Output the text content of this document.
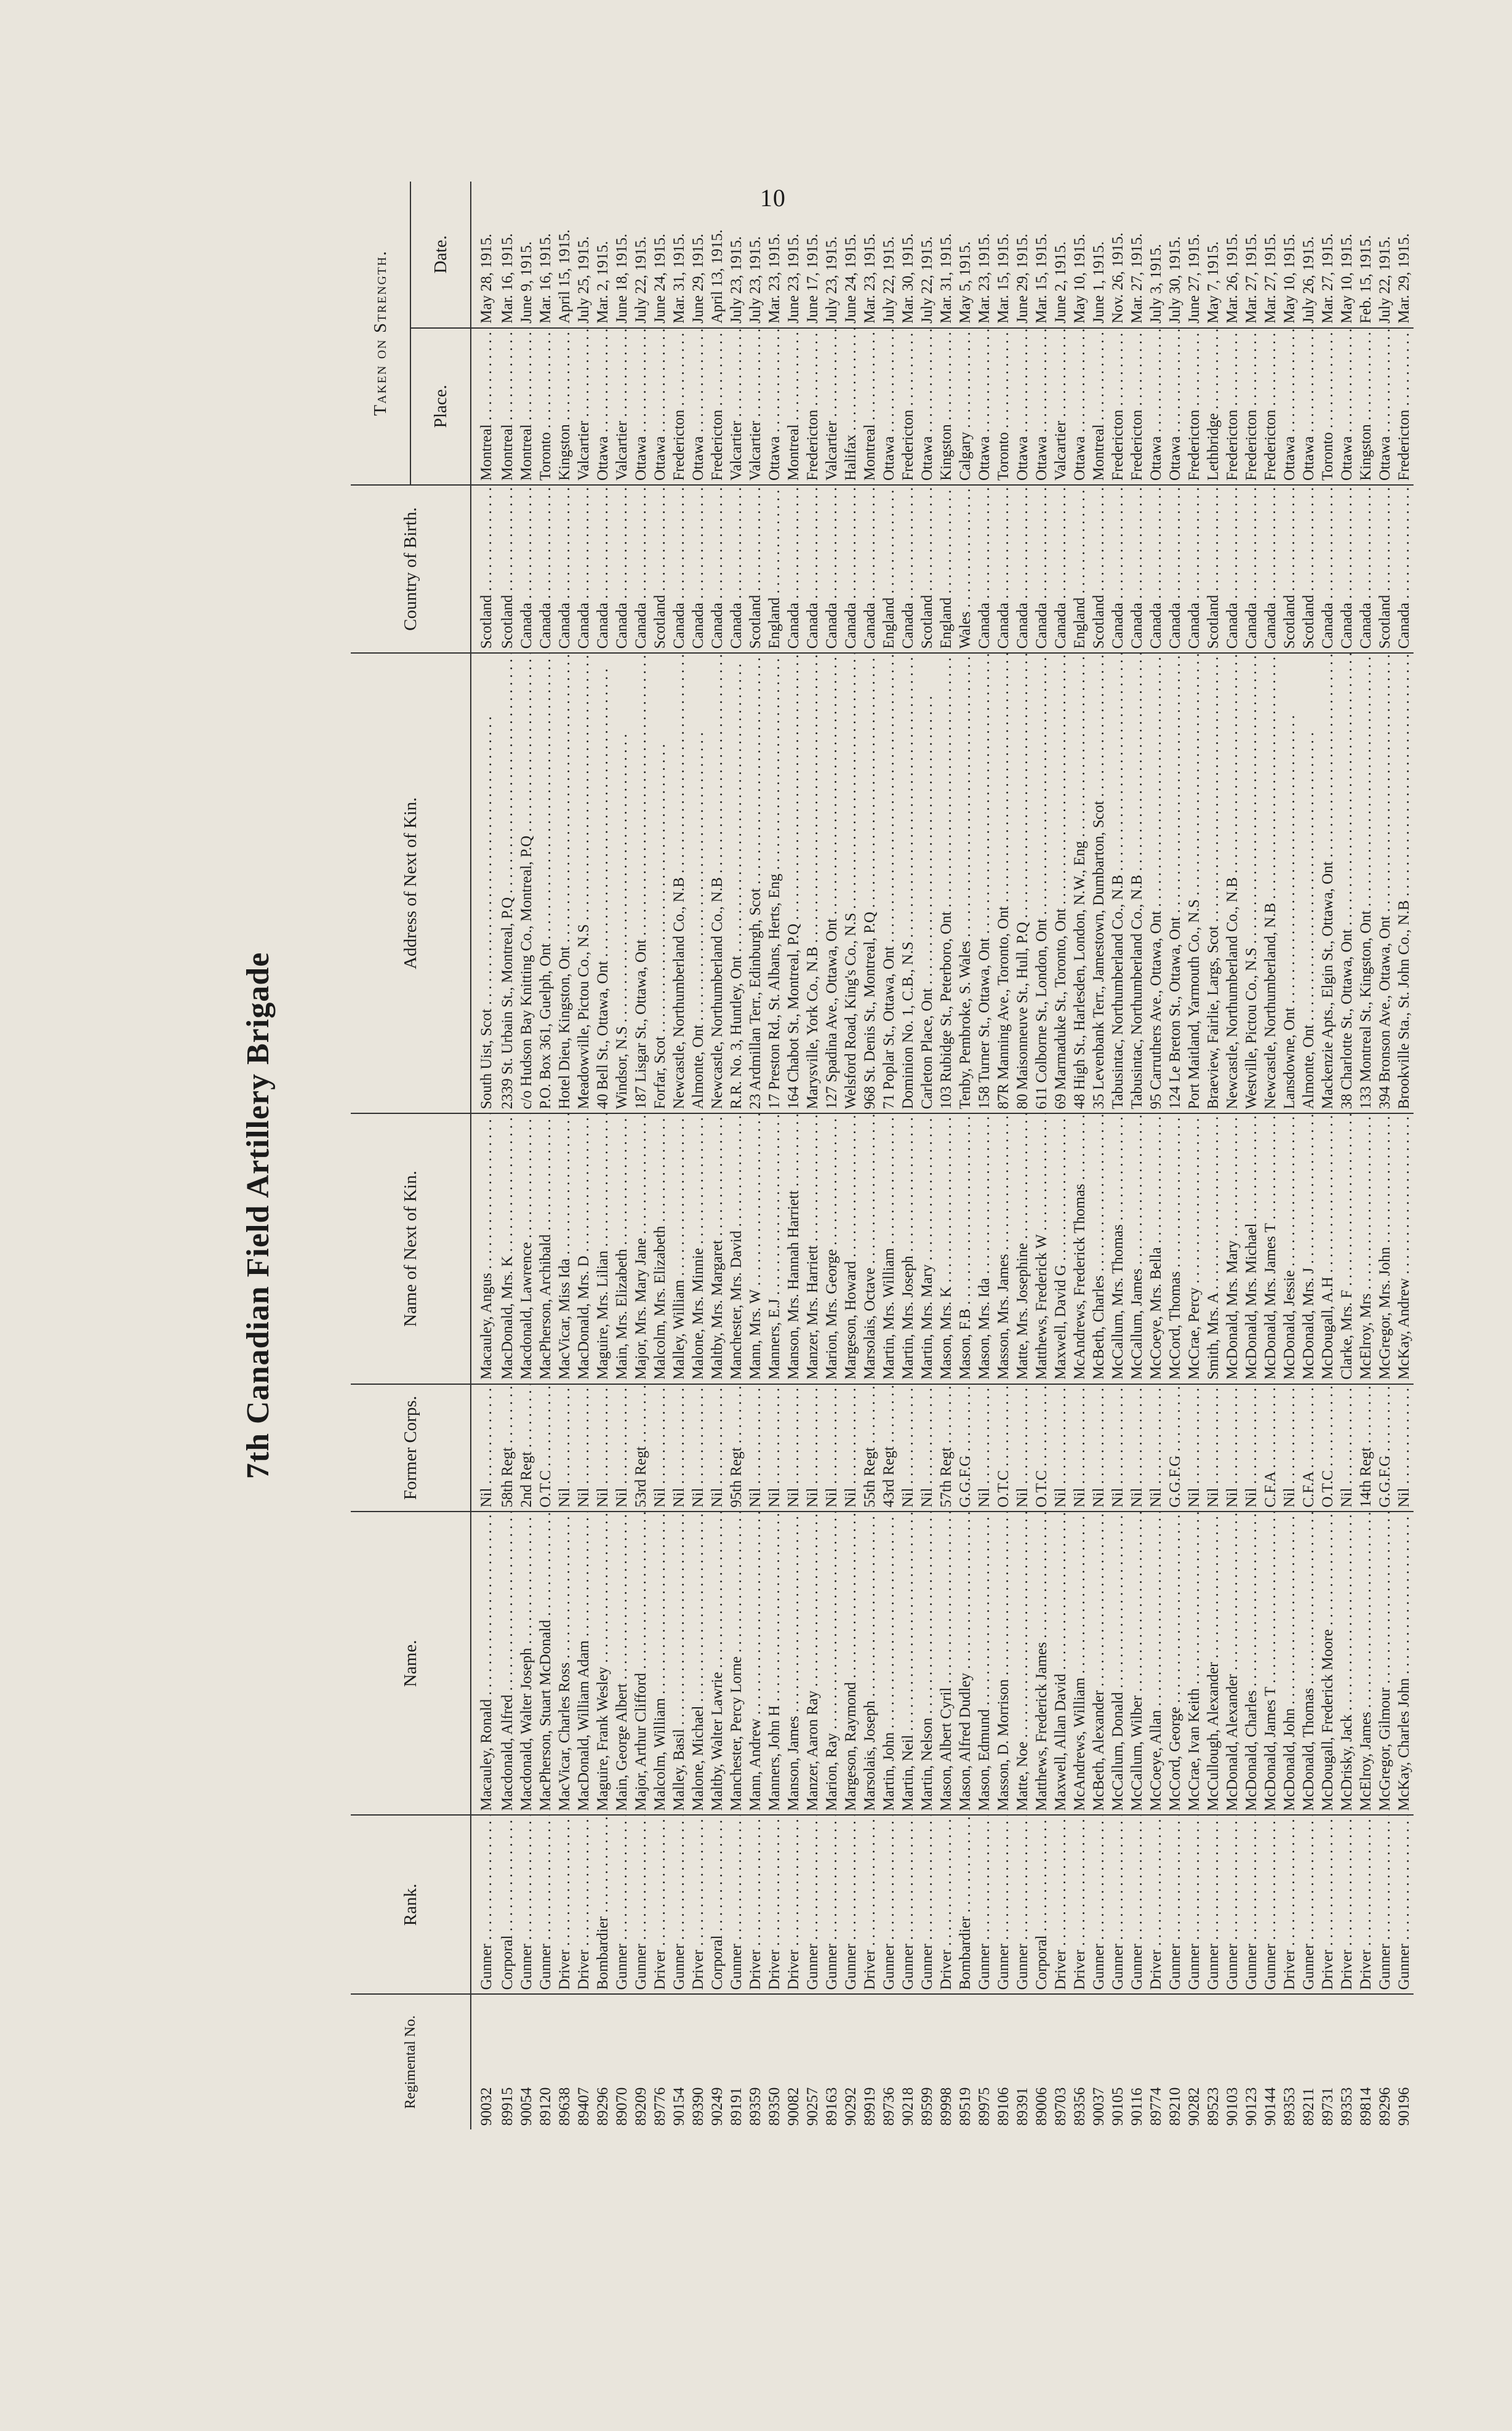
10
7th Canadian Field Artillery Brigade
Regimental No.	Rank.	Name.	Former Corps.	Name of Next of Kin.	Address of Next of Kin.	Country of Birth.	Taken on Strength.	
							Place.	Date.
90032	Gunner . . .	Macauley, Ronald . . .	Nil . . .	Macauley, Angus . . .	South Uist, Scot . . .	Scotland . . .	Montreal . . .	May 28, 1915.
89915	Corporal . . .	Macdonald, Alfred . . .	58th Regt . . .	MacDonald, Mrs. K . . .	2339 St. Urbain St., Montreal, P.Q . . .	Scotland . . .	Montreal . . .	Mar. 16, 1915.
90054	Gunner . . .	Macdonald, Walter Joseph . . .	2nd Regt . . .	Macdonald, Lawrence . . .	c/o Hudson Bay Knitting Co., Montreal, P.Q . . .	Canada . . .	Montreal . . .	June 9, 1915.
89120	Gunner . . .	MacPherson, Stuart McDonald . . .	O.T.C . . .	MacPherson, Archibald . . .	P.O. Box 361, Guelph, Ont . . .	Canada . . .	Toronto . . .	Mar. 16, 1915.
89638	Driver . . .	MacVicar, Charles Ross . . .	Nil . . .	MacVicar, Miss Ida . . .	Hotel Dieu, Kingston, Ont . . .	Canada . . .	Kingston . . .	April 15, 1915.
89407	Driver . . .	MacDonald, William Adam . . .	Nil . . .	MacDonald, Mrs. D . . .	Meadowville, Pictou Co., N.S . . .	Canada . . .	Valcartier . . .	July 25, 1915.
89296	Bombardier . . .	Maguire, Frank Wesley . . .	Nil . . .	Maguire, Mrs. Lilian . . .	40 Bell St., Ottawa, Ont . . .	Canada . . .	Ottawa . . .	Mar. 2, 1915.
89070	Gunner . . .	Main, George Albert . . .	Nil . . .	Main, Mrs. Elizabeth . . .	Windsor, N.S . . .	Canada . . .	Valcartier . . .	June 18, 1915.
89209	Gunner . . .	Major, Arthur Clifford . . .	53rd Regt . . .	Major, Mrs. Mary Jane . . .	187 Lisgar St., Ottawa, Ont . . .	Canada . . .	Ottawa . . .	July 22, 1915.
89776	Driver . . .	Malcolm, William . . .	Nil . . .	Malcolm, Mrs. Elizabeth . . .	Forfar, Scot . . .	Scotland . . .	Ottawa . . .	June 24, 1915.
90154	Gunner . . .	Malley, Basil . . .	Nil . . .	Malley, William . . .	Newcastle, Northumberland Co., N.B . . .	Canada . . .	Fredericton . . .	Mar. 31, 1915.
89390	Driver . . .	Malone, Michael . . .	Nil . . .	Malone, Mrs. Minnie . . .	Almonte, Ont . . .	Canada . . .	Ottawa . . .	June 29, 1915.
90249	Corporal . . .	Maltby, Walter Lawrie . . .	Nil . . .	Maltby, Mrs. Margaret . . .	Newcastle, Northumberland Co., N.B . . .	Canada . . .	Fredericton . . .	April 13, 1915.
89191	Gunner . . .	Manchester, Percy Lorne . . .	95th Regt . . .	Manchester, Mrs. David . . .	R.R. No. 3, Huntley, Ont . . .	Canada . . .	Valcartier . . .	July 23, 1915.
89359	Driver . . .	Mann, Andrew . . .	Nil . . .	Mann, Mrs. W . . .	23 Ardmillan Terr., Edinburgh, Scot . . .	Scotland . . .	Valcartier . . .	July 23, 1915.
89350	Driver . . .	Manners, John H . . .	Nil . . .	Manners, E.J . . .	17 Preston Rd., St. Albans, Herts, Eng . . .	England . . .	Ottawa . . .	Mar. 23, 1915.
90082	Driver . . .	Manson, James . . .	Nil . . .	Manson, Mrs. Hannah Harriett . . .	164 Chabot St., Montreal, P.Q . . .	Canada . . .	Montreal . . .	June 23, 1915.
90257	Gunner . . .	Manzer, Aaron Ray . . .	Nil . . .	Manzer, Mrs. Harriett . . .	Marysville, York Co., N.B . . .	Canada . . .	Fredericton . . .	June 17, 1915.
89163	Gunner . . .	Marion, Ray . . .	Nil . . .	Marion, Mrs. George . . .	127 Spadina Ave., Ottawa, Ont . . .	Canada . . .	Valcartier . . .	July 23, 1915.
90292	Gunner . . .	Margeson, Raymond . . .	Nil . . .	Margeson, Howard . . .	Welsford Road, King's Co., N.S . . .	Canada . . .	Halifax . . .	June 24, 1915.
89919	Driver . . .	Marsolais, Joseph . . .	55th Regt . . .	Marsolais, Octave . . .	968 St. Denis St., Montreal, P.Q . . .	Canada . . .	Montreal . . .	Mar. 23, 1915.
89736	Gunner . . .	Martin, John . . .	43rd Regt . . .	Martin, Mrs. William . . .	71 Poplar St., Ottawa, Ont . . .	England . . .	Ottawa . . .	July 22, 1915.
90218	Gunner . . .	Martin, Neil . . .	Nil . . .	Martin, Mrs. Joseph . . .	Dominion No. 1, C.B., N.S . . .	Canada . . .	Fredericton . . .	Mar. 30, 1915.
89599	Gunner . . .	Martin, Nelson . . .	Nil . . .	Martin, Mrs. Mary . . .	Carleton Place, Ont . . .	Scotland . . .	Ottawa . . .	July 22, 1915.
89998	Driver . . .	Mason, Albert Cyril . . .	57th Regt . . .	Mason, Mrs. K . . .	103 Rubidge St., Peterboro, Ont . . .	England . . .	Kingston . . .	Mar. 31, 1915.
89519	Bombardier . . .	Mason, Alfred Dudley . . .	G.G.F.G . . .	Mason, F.B . . .	Tenby, Pembroke, S. Wales . . .	Wales . . .	Calgary . . .	May 5, 1915.
89975	Gunner . . .	Mason, Edmund . . .	Nil . . .	Mason, Mrs. Ida . . .	158 Turner St., Ottawa, Ont . . .	Canada . . .	Ottawa . . .	Mar. 23, 1915.
89106	Gunner . . .	Masson, D. Morrison . . .	O.T.C . . .	Masson, Mrs. James . . .	87R Manning Ave., Toronto, Ont . . .	Canada . . .	Toronto . . .	Mar. 15, 1915.
89391	Gunner . . .	Matte, Noe . . .	Nil . . .	Matte, Mrs. Josephine . . .	80 Maisonneuve St., Hull, P.Q . . .	Canada . . .	Ottawa . . .	June 29, 1915.
89006	Corporal . . .	Matthews, Frederick James . . .	O.T.C . . .	Matthews, Frederick W . . .	611 Colborne St., London, Ont . . .	Canada . . .	Ottawa . . .	Mar. 15, 1915.
89703	Driver . . .	Maxwell, Allan David . . .	Nil . . .	Maxwell, David G . . .	69 Marmaduke St., Toronto, Ont . . .	Canada . . .	Valcartier . . .	June 2, 1915.
89356	Driver . . .	McAndrews, William . . .	Nil . . .	McAndrews, Frederick Thomas . . .	48 High St., Harlesden, London, N.W., Eng . . .	England . . .	Ottawa . . .	May 10, 1915.
90037	Gunner . . .	McBeth, Alexander . . .	Nil . . .	McBeth, Charles . . .	35 Levenbank Terr., Jamestown, Dumbarton, Scot . . .	Scotland . . .	Montreal . . .	June 1, 1915.
90105	Gunner . . .	McCallum, Donald . . .	Nil . . .	McCallum, Mrs. Thomas . . .	Tabusintac, Northumberland Co., N.B . . .	Canada . . .	Fredericton . . .	Nov. 26, 1915.
90116	Gunner . . .	McCallum, Wilber . . .	Nil . . .	McCallum, James . . .	Tabusintac, Northumberland Co., N.B . . .	Canada . . .	Fredericton . . .	Mar. 27, 1915.
89774	Driver . . .	McCoeye, Allan . . .	Nil . . .	McCoeye, Mrs. Bella . . .	95 Carruthers Ave., Ottawa, Ont . . .	Canada . . .	Ottawa . . .	July 3, 1915.
89210	Gunner . . .	McCord, George . . .	G.G.F.G . . .	McCord, Thomas . . .	124 Le Breton St., Ottawa, Ont . . .	Canada . . .	Ottawa . . .	July 30, 1915.
90282	Gunner . . .	McCrae, Ivan Keith . . .	Nil . . .	McCrae, Percy . . .	Port Maitland, Yarmouth Co., N.S . . .	Canada . . .	Fredericton . . .	June 27, 1915.
89523	Gunner . . .	McCullough, Alexander . . .	Nil . . .	Smith, Mrs. A . . .	Braeview, Fairlie, Largs, Scot . . .	Scotland . . .	Lethbridge . . .	May 7, 1915.
90103	Gunner . . .	McDonald, Alexander . . .	Nil . . .	McDonald, Mrs. Mary . . .	Newcastle, Northumberland Co., N.B . . .	Canada . . .	Fredericton . . .	Mar. 26, 1915.
90123	Gunner . . .	McDonald, Charles . . .	Nil . . .	McDonald, Mrs. Michael . . .	Westville, Pictou Co., N.S . . .	Canada . . .	Fredericton . . .	Mar. 27, 1915.
90144	Gunner . . .	McDonald, James T . . .	C.F.A . . .	McDonald, Mrs. James T . . .	Newcastle, Northumberland, N.B . . .	Canada . . .	Fredericton . . .	Mar. 27, 1915.
89353	Driver . . .	McDonald, John . . .	Nil . . .	McDonald, Jessie . . .	Lansdowne, Ont . . .	Scotland . . .	Ottawa . . .	May 10, 1915.
89211	Gunner . . .	McDonald, Thomas . . .	C.F.A . . .	McDonald, Mrs. J . . .	Almonte, Ont . . .	Scotland . . .	Ottawa . . .	July 26, 1915.
89731	Driver . . .	McDougall, Frederick Moore . . .	O.T.C . . .	McDougall, A.H . . .	Mackenzie Apts., Elgin St., Ottawa, Ont . . .	Canada . . .	Toronto . . .	Mar. 27, 1915.
89353	Driver . . .	McDrisky, Jack . . .	Nil . . .	Clarke, Mrs. F . . .	38 Charlotte St., Ottawa, Ont . . .	Canada . . .	Ottawa . . .	May 10, 1915.
89814	Driver . . .	McElroy, James . . .	14th Regt . . .	McElroy, Mrs . . .	133 Montreal St., Kingston, Ont . . .	Canada . . .	Kingston . . .	Feb. 15, 1915.
89296	Gunner . . .	McGregor, Gilmour . . .	G.G.F.G . . .	McGregor, Mrs. John . . .	394 Bronson Ave., Ottawa, Ont . . .	Scotland . . .	Ottawa . . .	July 22, 1915.
90196	Gunner . . .	McKay, Charles John . . .	Nil . . .	McKay, Andrew . . .	Brookville Sta., St. John Co., N.B . . .	Canada . . .	Fredericton . . .	Mar. 29, 1915.
